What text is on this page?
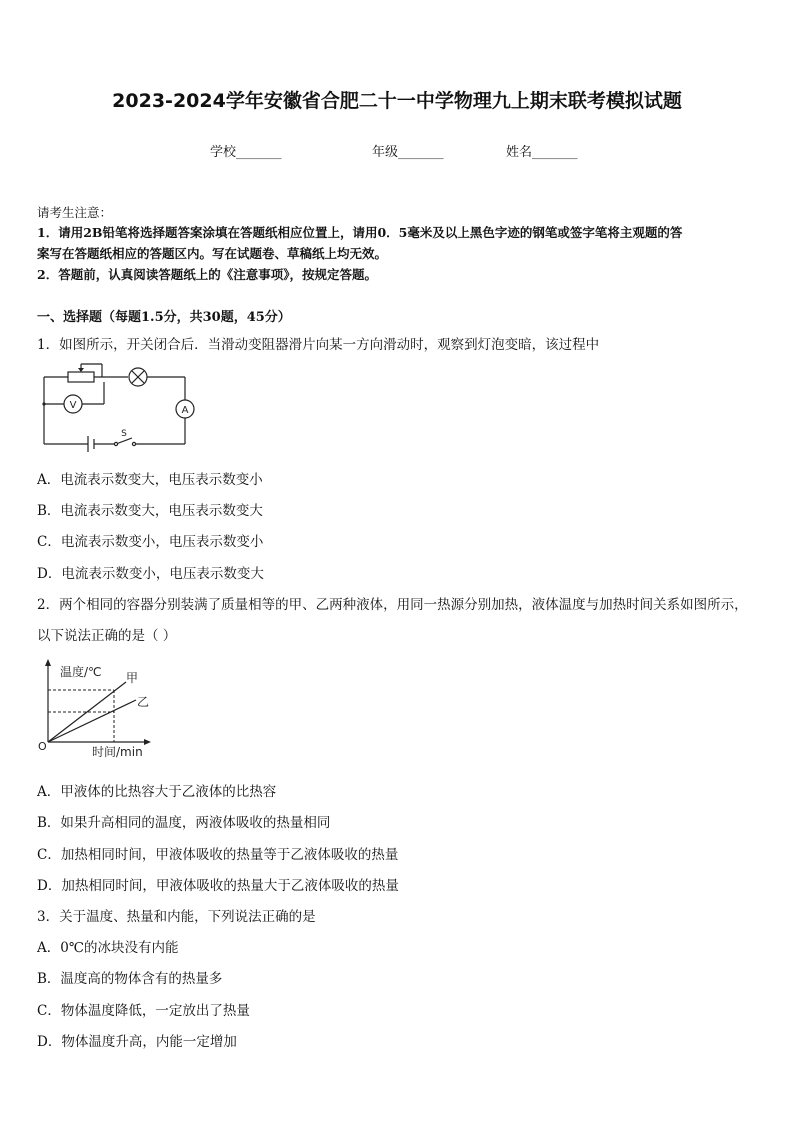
2023-2024学年安徽省合肥二十一中学物理九上期末联考模拟试题
学校_______	年级_______	姓名_______
请考生注意：
1．请用2B铅笔将选择题答案涂填在答题纸相应位置上，请用0．5毫米及以上黑色字迹的钢笔或签字笔将主观题的答
案写在答题纸相应的答题区内。写在试题卷、草稿纸上均无效。
2．答题前，认真阅读答题纸上的《注意事项》，按规定答题。
一、选择题（每题1.5分，共30题，45分）
1．如图所示，开关闭合后．当滑动变阻器滑片向某一方向滑动时，观察到灯泡变暗，该过程中
V	A
S
A．电流表示数变大，电压表示数变小
B．电流表示数变大，电压表示数变大
C．电流表示数变小，电压表示数变小
D．电流表示数变小，电压表示数变大
2．两个相同的容器分别装满了质量相等的甲、乙两种液体，用同一热源分别加热，液体温度与加热时间关系如图所示，
以下说法正确的是（ ）
温度/℃ 甲
乙
O	时间/min
A．甲液体的比热容大于乙液体的比热容
B．如果升高相同的温度，两液体吸收的热量相同
C．加热相同时间，甲液体吸收的热量等于乙液体吸收的热量
D．加热相同时间，甲液体吸收的热量大于乙液体吸收的热量
3．关于温度、热量和内能，下列说法正确的是
A．0℃的冰块没有内能
B．温度高的物体含有的热量多
C．物体温度降低，一定放出了热量
D．物体温度升高，内能一定增加
